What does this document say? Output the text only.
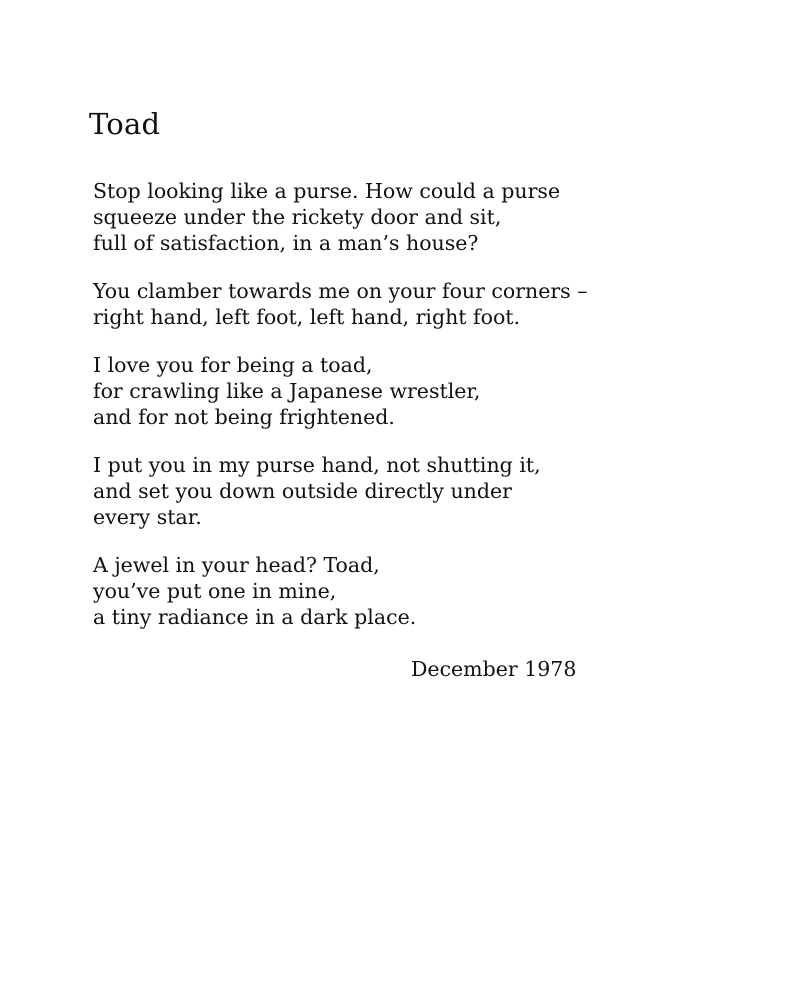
Toad
Stop looking like a purse. How could a purse
squeeze under the rickety door and sit,
full of satisfaction, in a man’s house?
You clamber towards me on your four corners –
right hand, left foot, left hand, right foot.
I love you for being a toad,
for crawling like a Japanese wrestler,
and for not being frightened.
I put you in my purse hand, not shutting it,
and set you down outside directly under
every star.
A jewel in your head? Toad,
you’ve put one in mine,
a tiny radiance in a dark place.
December 1978
